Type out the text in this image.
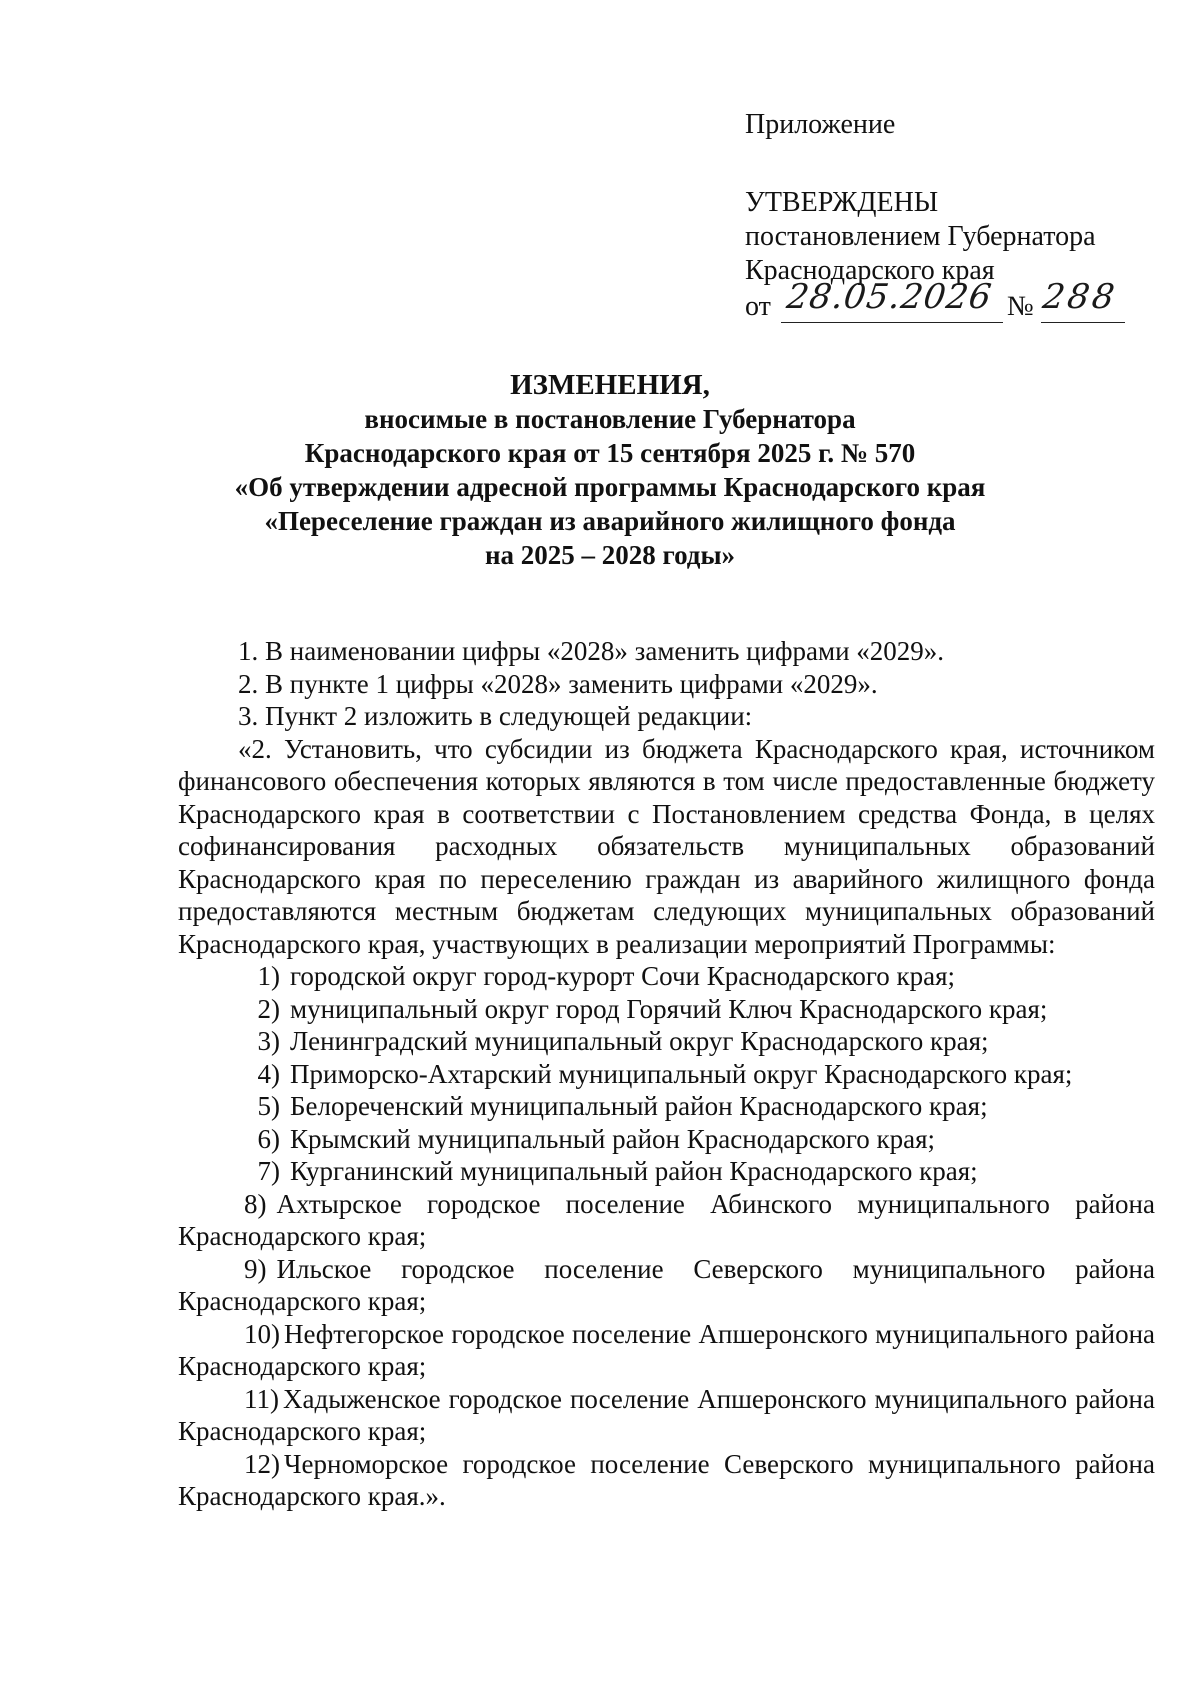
Приложение
УТВЕРЖДЕНЫ
постановлением Губернатора
Краснодарского края
от 28.05.2026 № 288
ИЗМЕНЕНИЯ,
вносимые в постановление Губернатора
Краснодарского края от 15 сентября 2025 г. № 570
«Об утверждении адресной программы Краснодарского края
«Переселение граждан из аварийного жилищного фонда
на 2025 – 2028 годы»

1. В наименовании цифры «2028» заменить цифрами «2029».

2. В пункте 1 цифры «2028» заменить цифрами «2029».

3. Пункт 2 изложить в следующей редакции:

«2. Установить, что субсидии из бюджета Краснодарского края, источником финансового обеспечения которых являются в том числе предоставленные бюджету Краснодарского края в соответствии с Постановлением средства Фонда, в целях софинансирования расходных обязательств муниципальных образований Краснодарского края по переселению граждан из аварийного жилищного фонда предоставляются местным бюджетам следующих муниципальных образований Краснодарского края, участвующих в реализации мероприятий Программы:

1) городской округ город-курорт Сочи Краснодарского края;
2) муниципальный округ город Горячий Ключ Краснодарского края;
3) Ленинградский муниципальный округ Краснодарского края;
4) Приморско-Ахтарский муниципальный округ Краснодарского края;
5) Белореченский муниципальный район Краснодарского края;
6) Крымский муниципальный район Краснодарского края;
7) Курганинский муниципальный район Краснодарского края;
8) Ахтырское городское поселение Абинского муниципального района Краснодарского края;
9) Ильское городское поселение Северского муниципального района Краснодарского края;
10) Нефтегорское городское поселение Апшеронского муниципального района Краснодарского края;
11) Хадыженское городское поселение Апшеронского муниципального района Краснодарского края;
12) Черноморское городское поселение Северского муниципального района Краснодарского края.».
